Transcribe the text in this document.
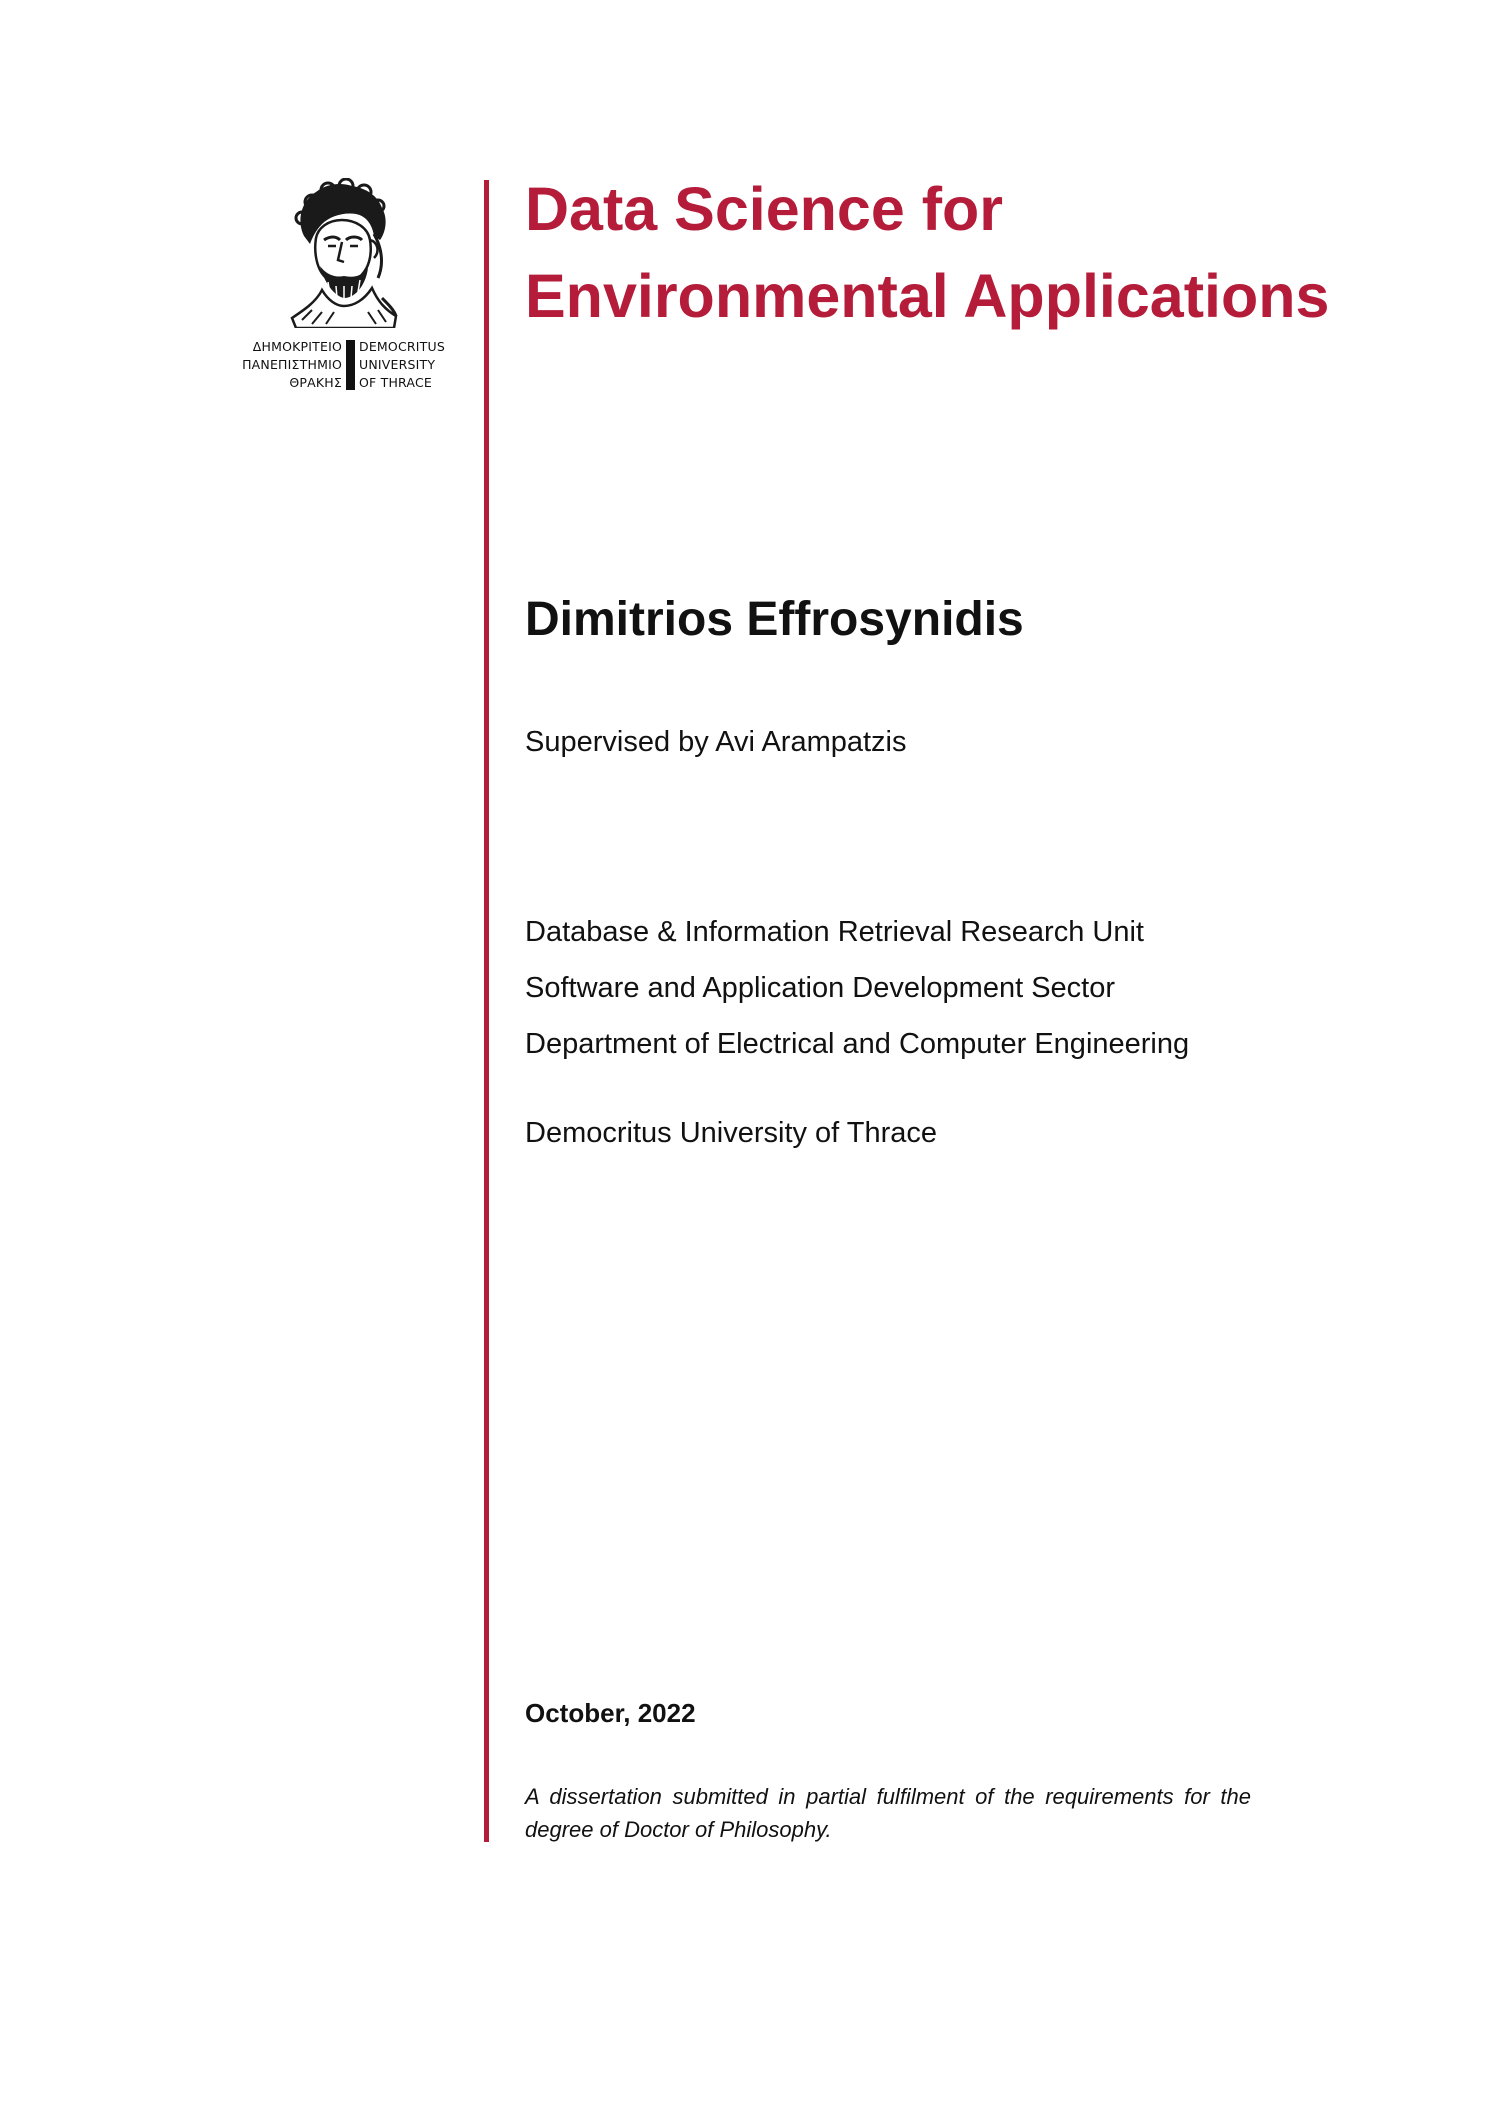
ΔΗΜΟΚΡΙΤΕΙΟ
ΠΑΝΕΠΙΣΤΗΜΙΟ
ΘΡΑΚΗΣ
DEMOCRITUS
UNIVERSITY
OF THRACE
Data Science for
Environmental Applications
Dimitrios Effrosynidis
Supervised by Avi Arampatzis
Database & Information Retrieval Research Unit
Software and Application Development Sector
Department of Electrical and Computer Engineering
Democritus University of Thrace
October, 2022
A dissertation submitted in partial fulfilment of the requirements for the degree of Doctor of Philosophy.
